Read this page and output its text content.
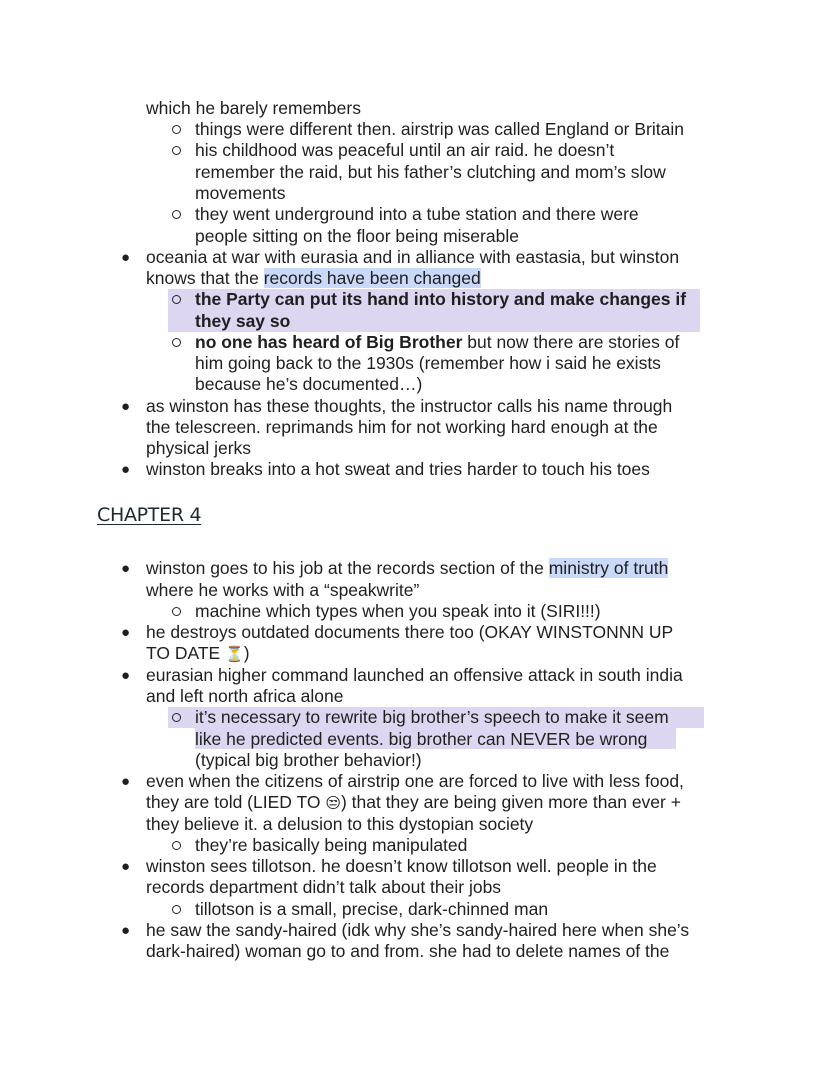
which he barely remembers
things were different then. airstrip was called England or Britain
his childhood was peaceful until an air raid. he doesn’t
remember the raid, but his father’s clutching and mom’s slow
movements
they went underground into a tube station and there were
people sitting on the floor being miserable
● oceania at war with eurasia and in alliance with eastasia, but winston
knows that the records have been changed
the Party can put its hand into history and make changes if
they say so
no one has heard of Big Brother but now there are stories of
him going back to the 1930s (remember how i said he exists
because he’s documented…)
● as winston has these thoughts, the instructor calls his name through
the telescreen. reprimands him for not working hard enough at the
physical jerks
● winston breaks into a hot sweat and tries harder to touch his toes
CHAPTER 4
● winston goes to his job at the records section of the ministry of truth
where he works with a “speakwrite”
machine which types when you speak into it (SIRI!!!)
● he destroys outdated documents there too (OKAY WINSTONNN UP
TO DATE ⏳)
● eurasian higher command launched an offensive attack in south india
and left north africa alone
it’s necessary to rewrite big brother’s speech to make it seem
like he predicted events. big brother can NEVER be wrong
(typical big brother behavior!)
● even when the citizens of airstrip one are forced to live with less food,
they are told (LIED TO 😒) that they are being given more than ever +
they believe it. a delusion to this dystopian society
they’re basically being manipulated
● winston sees tillotson. he doesn’t know tillotson well. people in the
records department didn’t talk about their jobs
tillotson is a small, precise, dark-chinned man
● he saw the sandy-haired (idk why she’s sandy-haired here when she’s
dark-haired) woman go to and from. she had to delete names of the
